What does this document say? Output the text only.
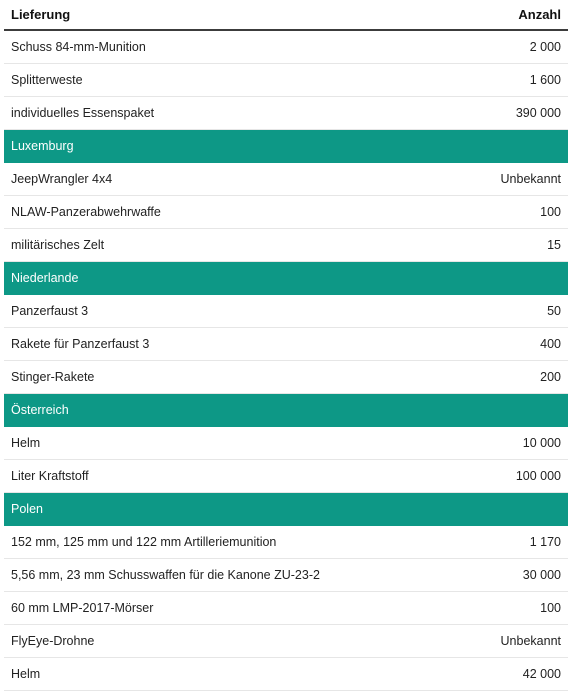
Lieferung	Anzahl
Schuss 84-mm-Munition	2 000
Splitterweste	1 600
individuelles Essenspaket	390 000
Luxemburg
JeepWrangler 4x4	Unbekannt
NLAW-Panzerabwehrwaffe	100
militärisches Zelt	15
Niederlande
Panzerfaust 3	50
Rakete für Panzerfaust 3	400
Stinger-Rakete	200
Österreich
Helm	10 000
Liter Kraftstoff	100 000
Polen
152 mm, 125 mm und 122 mm Artilleriemunition	1 170
5,56 mm, 23 mm Schusswaffen für die Kanone ZU-23-2	30 000
60 mm LMP-2017-Mörser	100
FlyEye-Drohne	Unbekannt
Helm	42 000
